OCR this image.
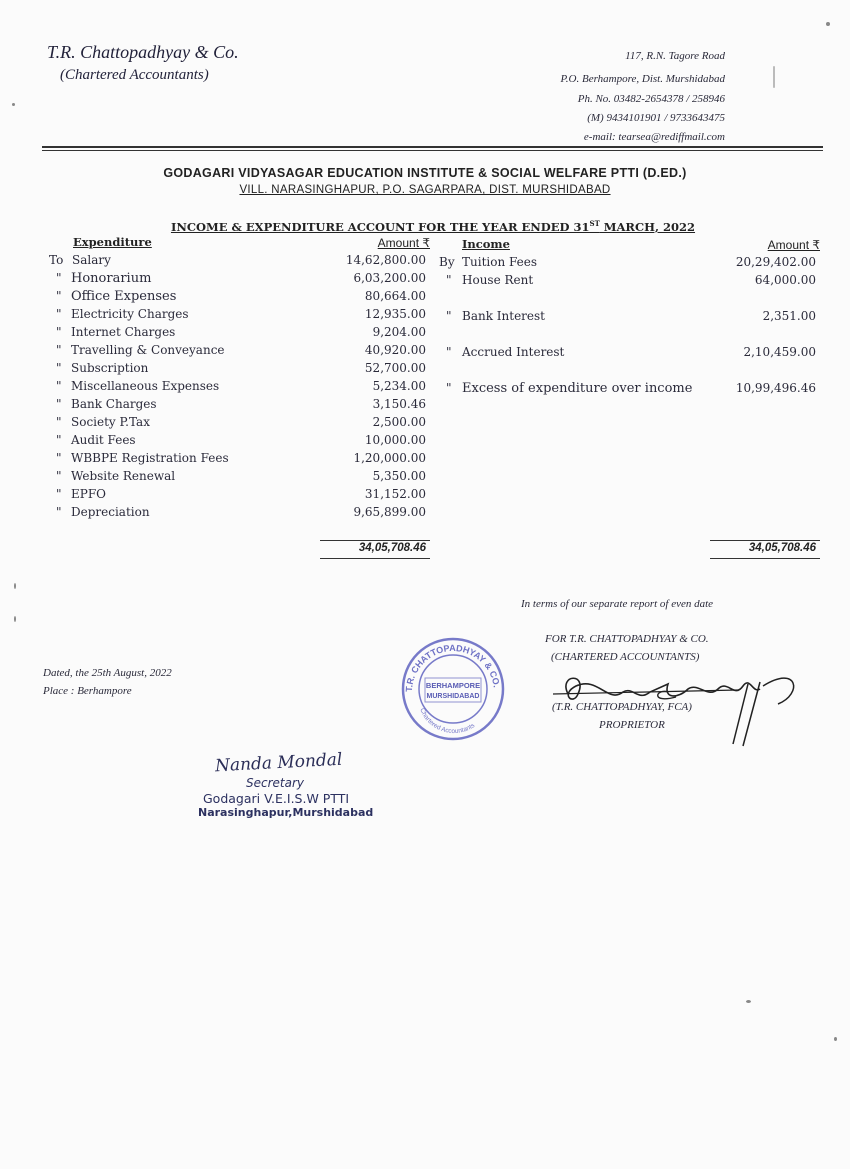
T.R. Chattopadhyay & Co.
(Chartered Accountants)
117, R.N. Tagore Road
P.O. Berhampore, Dist. Murshidabad
Ph. No. 03482-2654378 / 258946
(M) 9434101901 / 9733643475
e-mail: tearsea@rediffmail.com
GODAGARI VIDYASAGAR EDUCATION INSTITUTE & SOCIAL WELFARE PTTI (D.ED.)
VILL. NARASINGHAPUR, P.O. SAGARPARA, DIST. MURSHIDABAD
INCOME & EXPENDITURE ACCOUNT FOR THE YEAR ENDED 31ST MARCH, 2022
Expenditure	Amount ₹	Income	Amount ₹
To Salary	14,62,800.00
" Honorarium	6,03,200.00
" Office Expenses	80,664.00
" Electricity Charges	12,935.00
" Internet Charges	9,204.00
" Travelling & Conveyance	40,920.00
" Subscription	52,700.00
" Miscellaneous Expenses	5,234.00
" Bank Charges	3,150.46
" Society P.Tax	2,500.00
" Audit Fees	10,000.00
" WBBPE Registration Fees	1,20,000.00
" Website Renewal	5,350.00
" EPFO	31,152.00
" Depreciation	9,65,899.00
By Tuition Fees	20,29,402.00
" House Rent	64,000.00
" Bank Interest	2,351.00
" Accrued Interest	2,10,459.00
" Excess of expenditure over income	10,99,496.46
34,05,708.46	34,05,708.46
In terms of our separate report of even date
FOR T.R. CHATTOPADHYAY & CO.
(CHARTERED ACCOUNTANTS)
(T.R. CHATTOPADHYAY, FCA)
PROPRIETOR
Dated, the 25th August, 2022
Place : Berhampore	T.R. CHATTOPADHYAY & CO.
Chartered Accountants
BERHAMPORE
MURSHIDABAD
Nanda Mondal
Secretary
Godagari V.E.I.S.W PTTI
Narasinghapur,Murshidabad
